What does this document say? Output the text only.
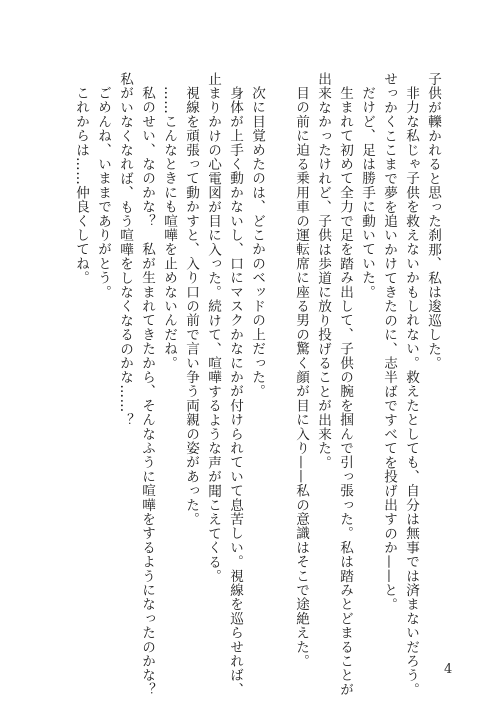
子供が轢かれると思った刹那、私は逡巡した。

非力な私じゃ子供を救えないかもしれない。救えたとしても、自分は無事では済まないだろう。

せっかくここまで夢を追いかけてきたのに、志半ばですべてを投げ出すのか——と。

だけど、足は勝手に動いていた。

生まれて初めて全力で足を踏み出して、子供の腕を掴んで引っ張った。私は踏みとどまることが

出来なかったけれど、子供は歩道に放り投げることが出来た。

目の前に迫る乗用車の運転席に座る男の驚く顔が目に入り——私の意識はそこで途絶えた。

次に目覚めたのは、どこかのベッドの上だった。

身体が上手く動かないし、口にマスクかなにかが付けられていて息苦しい。視線を巡らせれば、

止まりかけの心電図が目に入った。続けて、喧嘩するような声が聞こえてくる。

視線を頑張って動かすと、入り口の前で言い争う両親の姿があった。

……こんなときにも喧嘩を止めないんだね。

私のせい、なのかな？　私が生まれてきたから、そんなふうに喧嘩をするようになったのかな？

私がいなくなれば、もう喧嘩をしなくなるのかな……？

ごめんね、いままでありがとう。

これからは……仲良くしてね。

4
